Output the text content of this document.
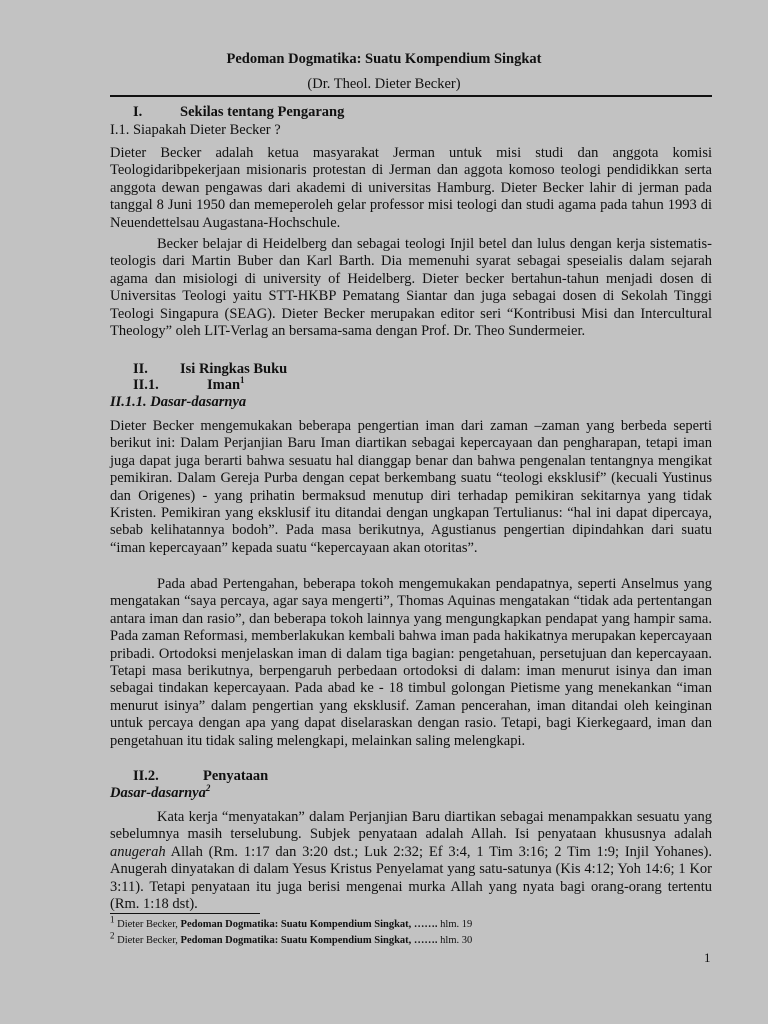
Pedoman Dogmatika: Suatu Kompendium Singkat
(Dr. Theol. Dieter Becker)
I.	Sekilas tentang Pengarang
I.1. Siapakah Dieter Becker ?
Dieter Becker adalah ketua masyarakat Jerman untuk misi studi dan anggota komisi Teologidaribpekerjaan misionaris protestan di Jerman dan aggota komoso teologi pendidikkan serta anggota dewan pengawas dari akademi di universitas Hamburg. Dieter Becker lahir di jerman pada tanggal 8 Juni 1950 dan memeperoleh gelar professor misi teologi dan studi agama pada tahun 1993 di Neuendettelsau Augastana-Hochschule.
Becker belajar di Heidelberg dan sebagai teologi Injil betel dan lulus dengan kerja sistematis-teologis dari Martin Buber dan Karl Barth. Dia memenuhi syarat sebagai speseialis dalam sejarah agama dan misiologi di university of Heidelberg. Dieter becker bertahun-tahun menjadi dosen di Universitas Teologi yaitu STT-HKBP Pematang Siantar dan juga sebagai dosen di Sekolah Tinggi Teologi Singapura (SEAG). Dieter Becker merupakan editor seri “Kontribusi Misi dan Intercultural Theology” oleh LIT-Verlag an bersama-sama dengan Prof. Dr. Theo Sundermeier.
II. Isi Ringkas Buku
II.1.	Iman$^1$
II.1.1. Dasar-dasarnya
Dieter Becker mengemukakan beberapa pengertian iman dari zaman –zaman yang berbeda seperti berikut ini: Dalam Perjanjian Baru Iman diartikan sebagai kepercayaan dan pengharapan, tetapi iman juga dapat juga berarti bahwa sesuatu hal dianggap benar dan bahwa pengenalan tentangnya mengikat pemikiran. Dalam Gereja Purba dengan cepat berkembang suatu “teologi eksklusif” (kecuali Yustinus dan Origenes) - yang prihatin bermaksud menutup diri terhadap pemikiran sekitarnya yang tidak Kristen. Pemikiran yang eksklusif itu ditandai dengan ungkapan Tertulianus: “hal ini dapat dipercaya, sebab kelihatannya bodoh”. Pada masa berikutnya, Agustianus pengertian dipindahkan dari suatu “iman kepercayaan” kepada suatu “kepercayaan akan otoritas”.
Pada abad Pertengahan, beberapa tokoh mengemukakan pendapatnya, seperti Anselmus yang mengatakan “saya percaya, agar saya mengerti”, Thomas Aquinas mengatakan “tidak ada pertentangan antara iman dan rasio”, dan beberapa tokoh lainnya yang mengungkapkan pendapat yang hampir sama. Pada zaman Reformasi, memberlakukan kembali bahwa iman pada hakikatnya merupakan kepercayaan pribadi. Ortodoksi menjelaskan iman di dalam tiga bagian: pengetahuan, persetujuan dan kepercayaan. Tetapi masa berikutnya, berpengaruh perbedaan ortodoksi di dalam: iman menurut isinya dan iman sebagai tindakan kepercayaan. Pada abad ke - 18 timbul golongan Pietisme yang menekankan “iman menurut isinya” dalam pengertian yang eksklusif. Zaman pencerahan, iman ditandai oleh keinginan untuk percaya dengan apa yang dapat diselaraskan dengan rasio. Tetapi, bagi Kierkegaard, iman dan pengetahuan itu tidak saling melengkapi, melainkan saling melengkapi.
II.2.	Penyataan
Dasar-dasarnya$^2$
Kata kerja “menyatakan” dalam Perjanjian Baru diartikan sebagai menampakkan sesuatu yang sebelumnya masih terselubung. Subjek penyataan adalah Allah. Isi penyataan khususnya adalah anugerah Allah (Rm. 1:17 dan 3:20 dst.; Luk 2:32; Ef 3:4, 1 Tim 3:16; 2 Tim 1:9; Injil Yohanes). Anugerah dinyatakan di dalam Yesus Kristus Penyelamat yang satu-satunya (Kis 4:12; Yoh 14:6; 1 Kor 3:11). Tetapi penyataan itu juga berisi mengenai murka Allah yang nyata bagi orang-orang tertentu (Rm. 1:18 dst).
$^1$ Dieter Becker, Pedoman Dogmatika: Suatu Kompendium Singkat, ……. hlm. 19
$^2$ Dieter Becker, Pedoman Dogmatika: Suatu Kompendium Singkat, ……. hlm. 30
1
